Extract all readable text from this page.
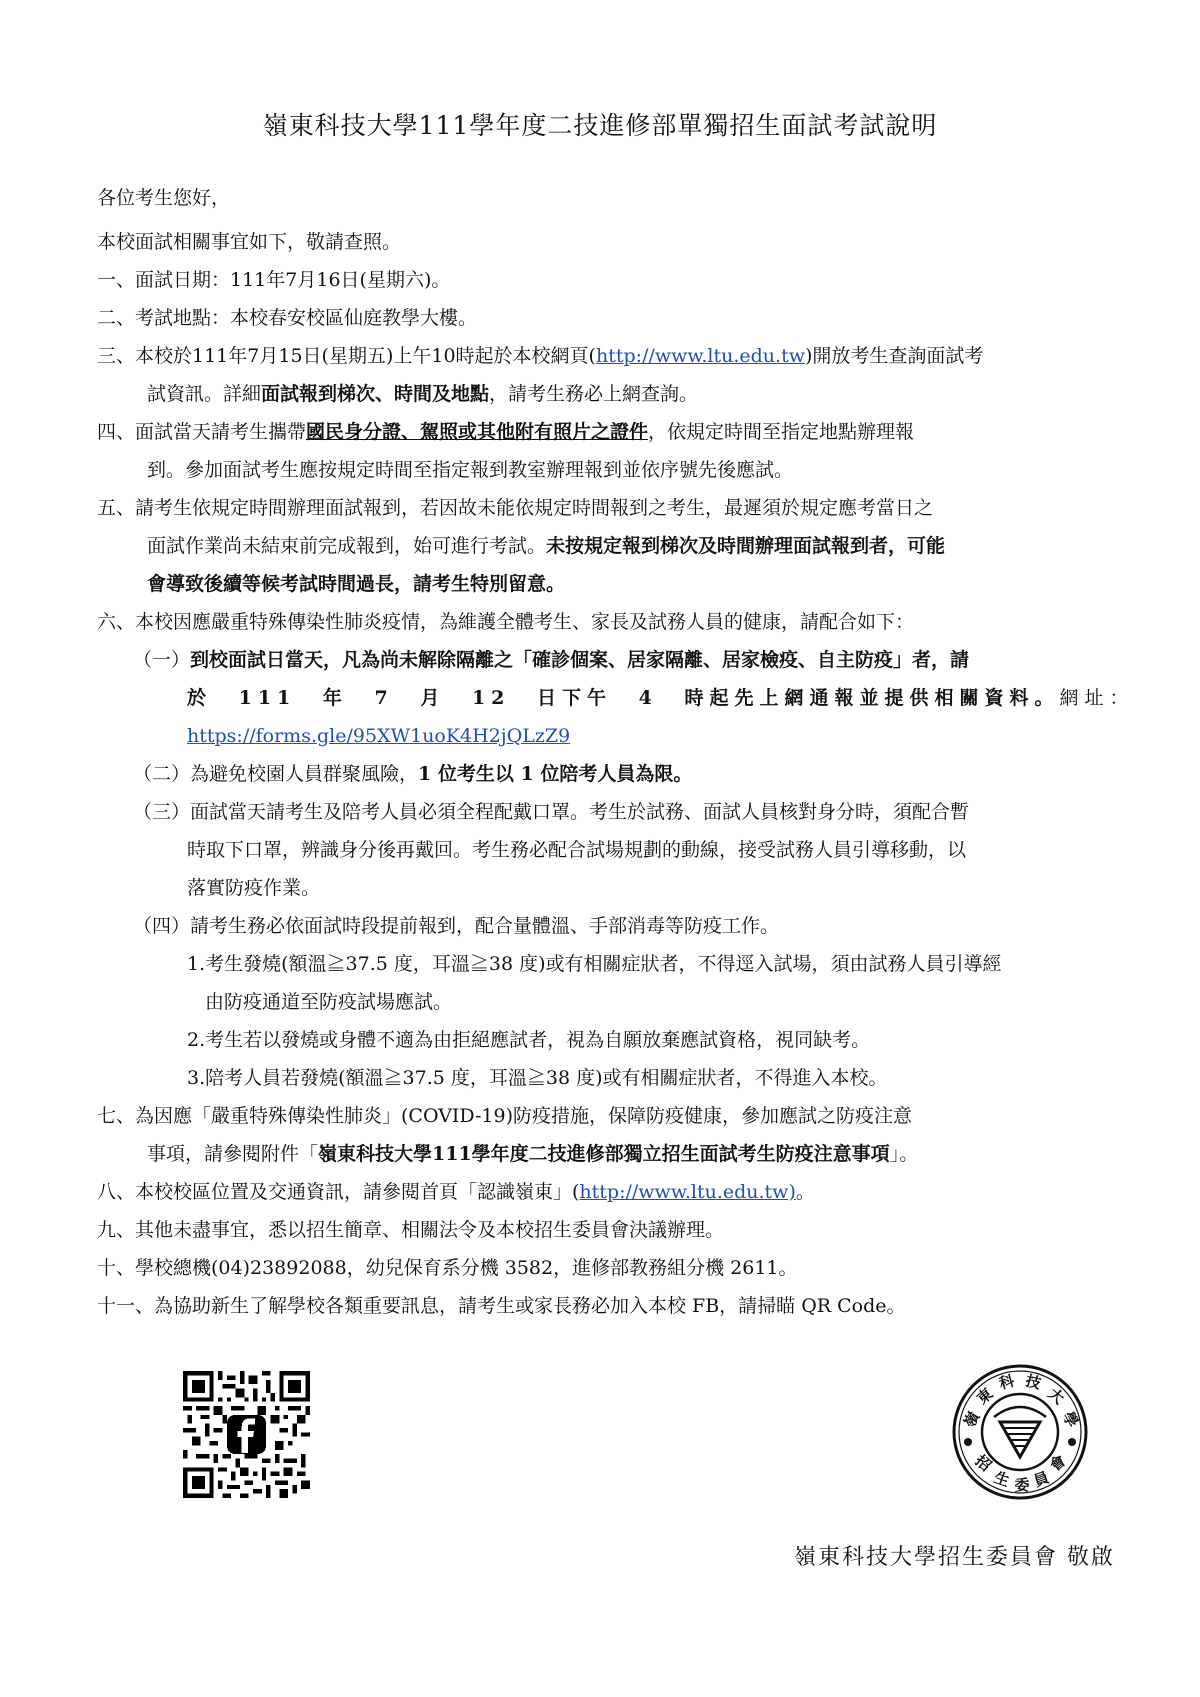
嶺東科技大學111學年度二技進修部單獨招生面試考試說明
各位考生您好，
本校面試相關事宜如下，敬請查照。
一、面試日期：111年7月16日(星期六)。
二、考試地點：本校春安校區仙庭教學大樓。
三、本校於111年7月15日(星期五)上午10時起於本校網頁(http://www.ltu.edu.tw)開放考生查詢面試考
試資訊。詳細面試報到梯次、時間及地點，請考生務必上網查詢。
四、面試當天請考生攜帶國民身分證、駕照或其他附有照片之證件，依規定時間至指定地點辦理報
到。參加面試考生應按規定時間至指定報到教室辦理報到並依序號先後應試。
五、請考生依規定時間辦理面試報到，若因故未能依規定時間報到之考生，最遲須於規定應考當日之
面試作業尚未結束前完成報到，始可進行考試。未按規定報到梯次及時間辦理面試報到者，可能
會導致後續等候考試時間過長，請考生特別留意。
六、本校因應嚴重特殊傳染性肺炎疫情，為維護全體考生、家長及試務人員的健康，請配合如下：
（一）到校面試日當天，凡為尚未解除隔離之「確診個案、居家隔離、居家檢疫、自主防疫」者，請
於 111 年 7 月 12 日下午 4 時起先上網通報並提供相關資料。 網址：
https://forms.gle/95XW1uoK4H2jQLzZ9
（二）為避免校園人員群聚風險，1 位考生以 1 位陪考人員為限。
（三）面試當天請考生及陪考人員必須全程配戴口罩。考生於試務、面試人員核對身分時，須配合暫
時取下口罩，辨識身分後再戴回。考生務必配合試場規劃的動線，接受試務人員引導移動，以
落實防疫作業。
（四）請考生務必依面試時段提前報到，配合量體溫、手部消毒等防疫工作。
1.考生發燒(額溫≧37.5 度，耳溫≧38 度)或有相關症狀者，不得逕入試場，須由試務人員引導經
由防疫通道至防疫試場應試。
2.考生若以發燒或身體不適為由拒絕應試者，視為自願放棄應試資格，視同缺考。
3.陪考人員若發燒(額溫≧37.5 度，耳溫≧38 度)或有相關症狀者，不得進入本校。
七、為因應「嚴重特殊傳染性肺炎」(COVID-19)防疫措施，保障防疫健康，參加應試之防疫注意
事項，請參閱附件「嶺東科技大學111學年度二技進修部獨立招生面試考生防疫注意事項」。
八、本校校區位置及交通資訊，請參閱首頁「認識嶺東」(http://www.ltu.edu.tw)。
九、其他未盡事宜，悉以招生簡章、相關法令及本校招生委員會決議辦理。
十、學校總機(04)23892088，幼兒保育系分機 3582，進修部教務組分機 2611。
十一、為協助新生了解學校各類重要訊息，請考生或家長務必加入本校 FB，請掃瞄 QR Code。
嶺
東
科 技
大
學
招
生 委 員
會
嶺東科技大學招生委員會 敬啟
